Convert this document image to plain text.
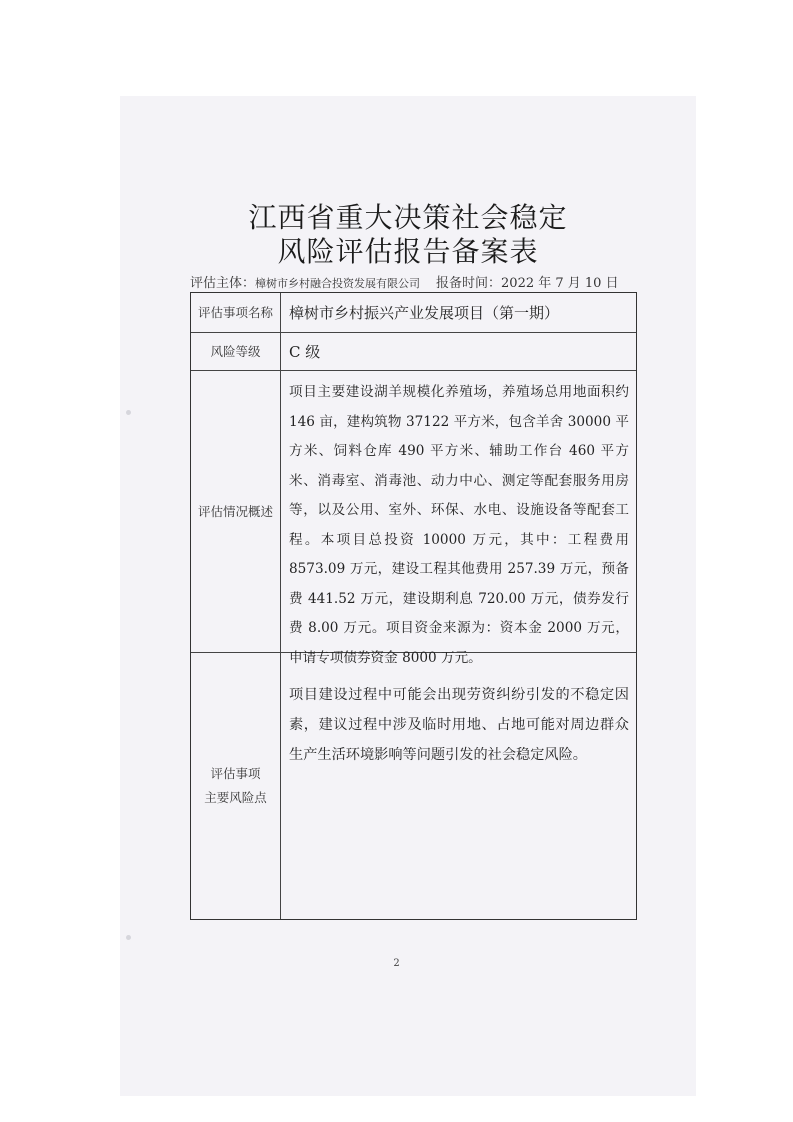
江西省重大决策社会稳定
风险评估报告备案表
评估主体：樟树市乡村融合投资发展有限公司 报备时间：2022 年 7 月 10 日
评估事项名称	樟树市乡村振兴产业发展项目（第一期）
风险等级	C 级
评估情况概述
项目主要建设湖羊规模化养殖场，养殖场总用地面积约 146 亩，建构筑物 37122 平方米，包含羊舍 30000 平方米、饲料仓库 490 平方米、辅助工作台 460 平方米、消毒室、消毒池、动力中心、测定等配套服务用房等，以及公用、室外、环保、水电、设施设备等配套工程。本项目总投资 10000 万元，其中：工程费用 8573.09 万元，建设工程其他费用 257.39 万元，预备费 441.52 万元，建设期利息 720.00 万元，债券发行费 8.00 万元。项目资金来源为：资本金 2000 万元，申请专项债券资金 8000 万元。
评估事项
主要风险点
项目建设过程中可能会出现劳资纠纷引发的不稳定因素，建议过程中涉及临时用地、占地可能对周边群众生产生活环境影响等问题引发的社会稳定风险。
2
